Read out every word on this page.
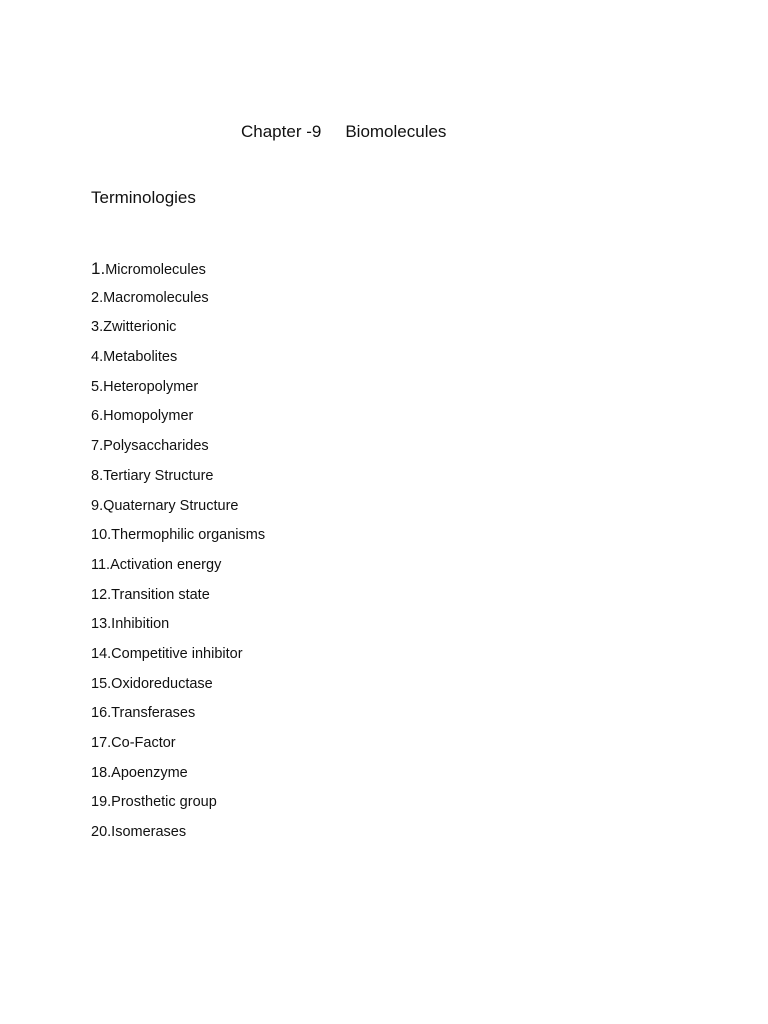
Chapter -9 Biomolecules
Terminologies
1.Micromolecules
2.Macromolecules
3.Zwitterionic
4.Metabolites
5.Heteropolymer
6.Homopolymer
7.Polysaccharides
8.Tertiary Structure
9.Quaternary Structure
10.Thermophilic organisms
11.Activation energy
12.Transition state
13.Inhibition
14.Competitive inhibitor
15.Oxidoreductase
16.Transferases
17.Co-Factor
18.Apoenzyme
19.Prosthetic group
20.Isomerases
